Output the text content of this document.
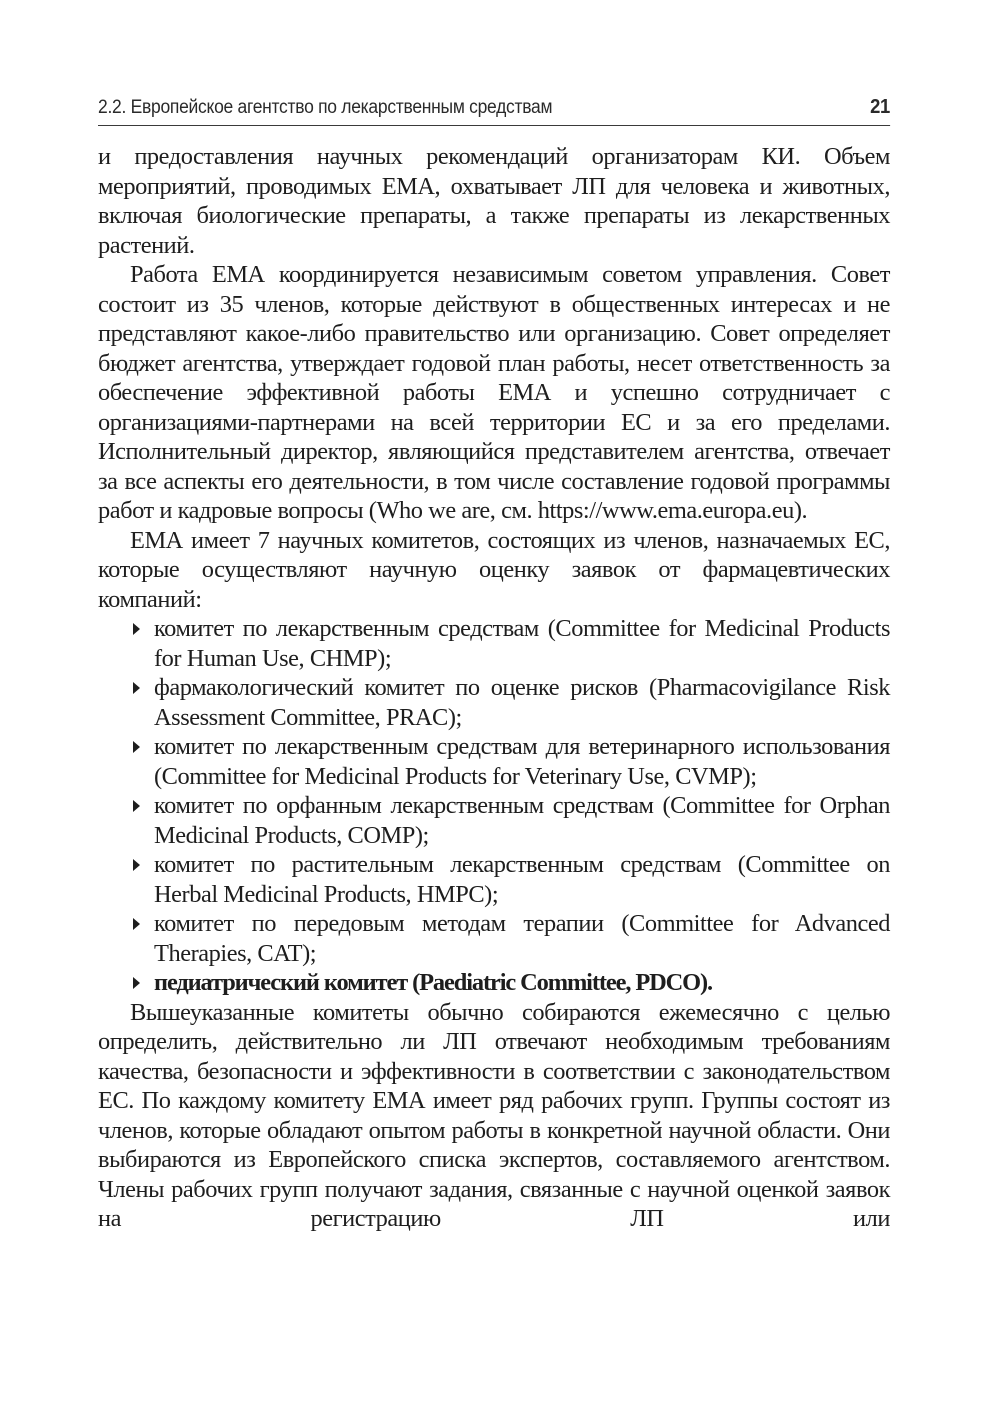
2.2. Европейское агентство по лекарственным средствам	21

и предоставления научных рекомендаций организаторам КИ. Объем мероприятий, проводимых ЕМА, охватывает ЛП для человека и животных, включая биологические препараты, а также препараты из лекарственных растений.

Работа ЕМА координируется независимым советом управления. Совет состоит из 35 членов, которые действуют в общественных интересах и не представляют какое-либо правительство или организацию. Совет определяет бюджет агентства, утверждает годовой план работы, несет ответственность за обеспечение эффективной работы ЕМА и успешно сотрудничает с организациями-партнерами на всей территории ЕС и за его пределами. Исполнительный директор, являющийся представителем агентства, отвечает за все аспекты его деятельности, в том числе составление годовой программы работ и кадровые вопросы (Who we are, см. https://www.ema.europa.eu).

ЕМА имеет 7 научных комитетов, состоящих из членов, назначаемых ЕС, которые осуществляют научную оценку заявок от фармацевтических компаний:

комитет по лекарственным средствам (Committee for Medicinal Products for Human Use, CHMP);
фармакологический комитет по оценке рисков (Pharmacovigilance Risk Assessment Committee, PRAC);
комитет по лекарственным средствам для ветеринарного использования (Committee for Medicinal Products for Veterinary Use, CVMP);
комитет по орфанным лекарственным средствам (Committee for Orphan Medicinal Products, COMP);
комитет по растительным лекарственным средствам (Committee on Herbal Medicinal Products, HMPC);
комитет по передовым методам терапии (Committee for Advanced Therapies, CAT);
педиатрический комитет (Paediatric Committee, PDCO).

Вышеуказанные комитеты обычно собираются ежемесячно с целью определить, действительно ли ЛП отвечают необходимым требованиям качества, безопасности и эффективности в соответствии с законодательством ЕС. По каждому комитету ЕМА имеет ряд рабочих групп. Группы состоят из членов, которые обладают опытом работы в конкретной научной области. Они выбираются из Европейского списка экспертов, составляемого агентством. Члены рабочих групп получают задания, связанные с научной оценкой заявок на регистрацию ЛП или
